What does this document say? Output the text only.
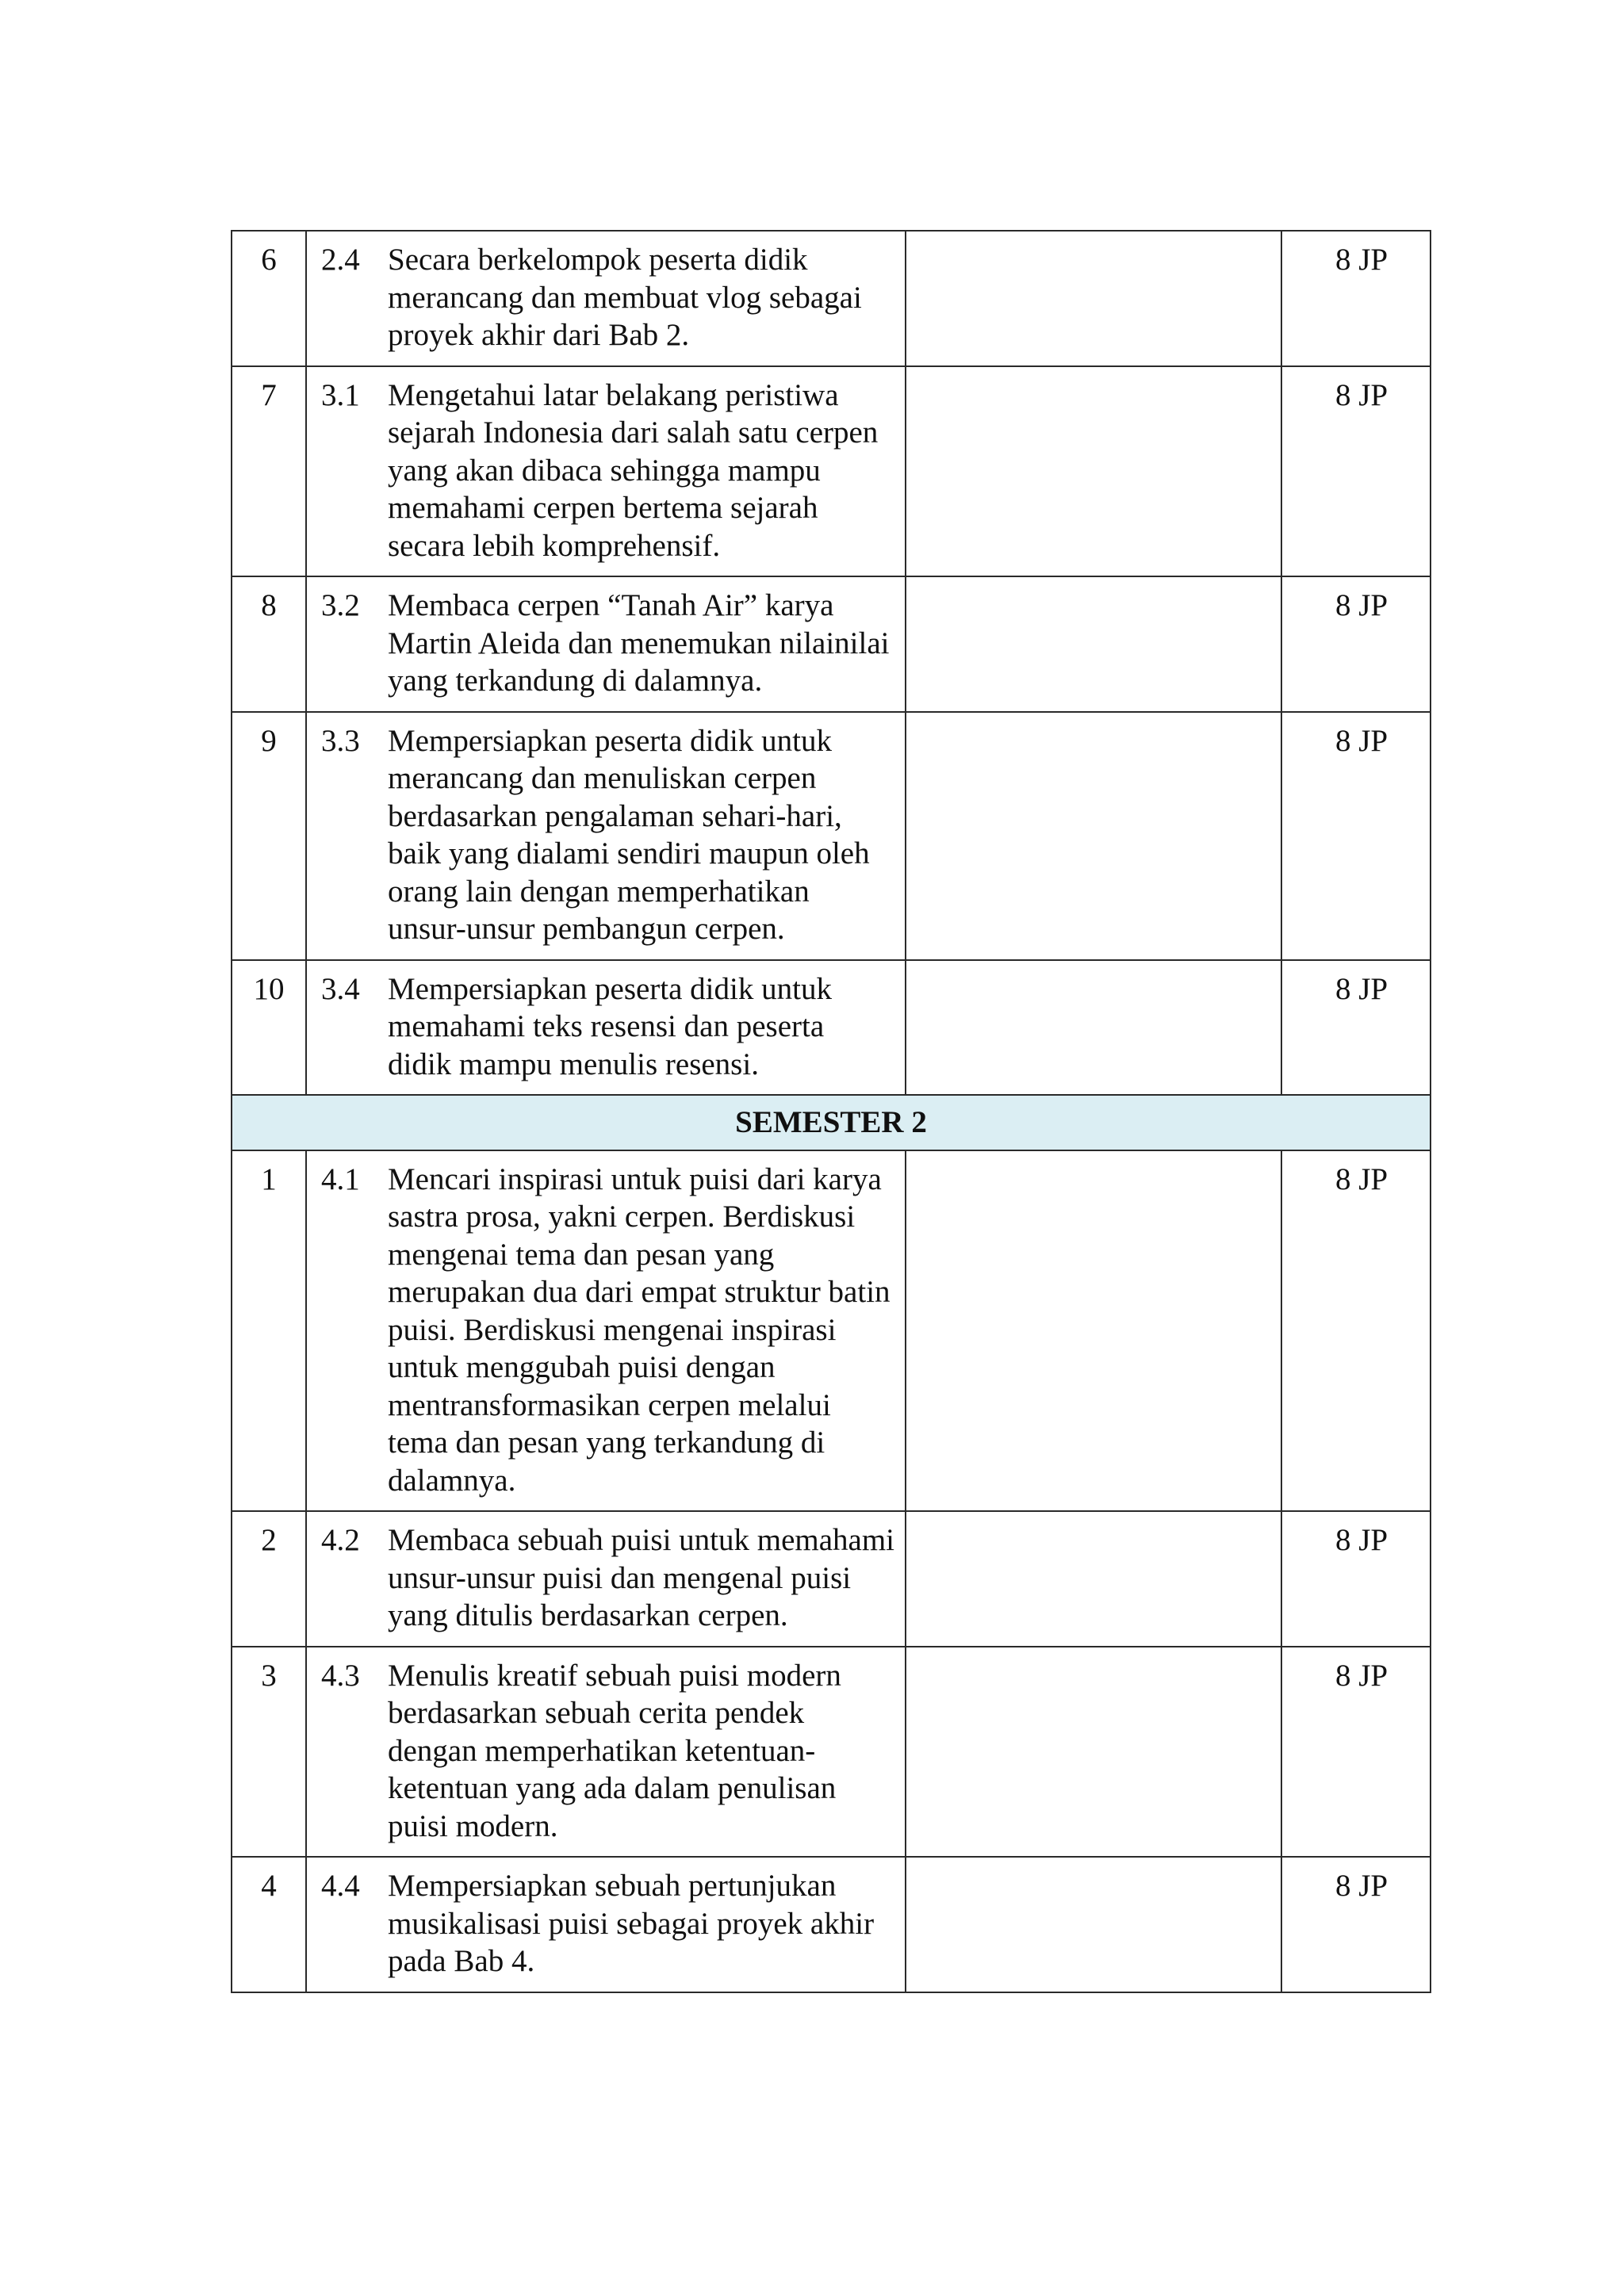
6	2.4 Secara berkelompok peserta didik merancang dan membuat vlog sebagai proyek akhir dari Bab 2.		8 JP
7	3.1 Mengetahui latar belakang peristiwa sejarah Indonesia dari salah satu cerpen yang akan dibaca sehingga mampu memahami cerpen bertema sejarah secara lebih komprehensif.		8 JP
8	3.2 Membaca cerpen “Tanah Air” karya Martin Aleida dan menemukan nilainilai yang terkandung di dalamnya.		8 JP
9	3.3 Mempersiapkan peserta didik untuk merancang dan menuliskan cerpen berdasarkan pengalaman sehari-hari, baik yang dialami sendiri maupun oleh orang lain dengan memperhatikan unsur-unsur pembangun cerpen.		8 JP
10	3.4 Mempersiapkan peserta didik untuk memahami teks resensi dan peserta didik mampu menulis resensi.		8 JP
SEMESTER 2			
1	4.1 Mencari inspirasi untuk puisi dari karya sastra prosa, yakni cerpen. Berdiskusi mengenai tema dan pesan yang merupakan dua dari empat struktur batin puisi. Berdiskusi mengenai inspirasi untuk menggubah puisi dengan mentransformasikan cerpen melalui tema dan pesan yang terkandung di dalamnya.		8 JP
2	4.2 Membaca sebuah puisi untuk memahami unsur-unsur puisi dan mengenal puisi yang ditulis berdasarkan cerpen.		8 JP
3	4.3 Menulis kreatif sebuah puisi modern berdasarkan sebuah cerita pendek dengan memperhatikan ketentuan-ketentuan yang ada dalam penulisan puisi modern.		8 JP
4	4.4 Mempersiapkan sebuah pertunjukan musikalisasi puisi sebagai proyek akhir pada Bab 4.		8 JP
